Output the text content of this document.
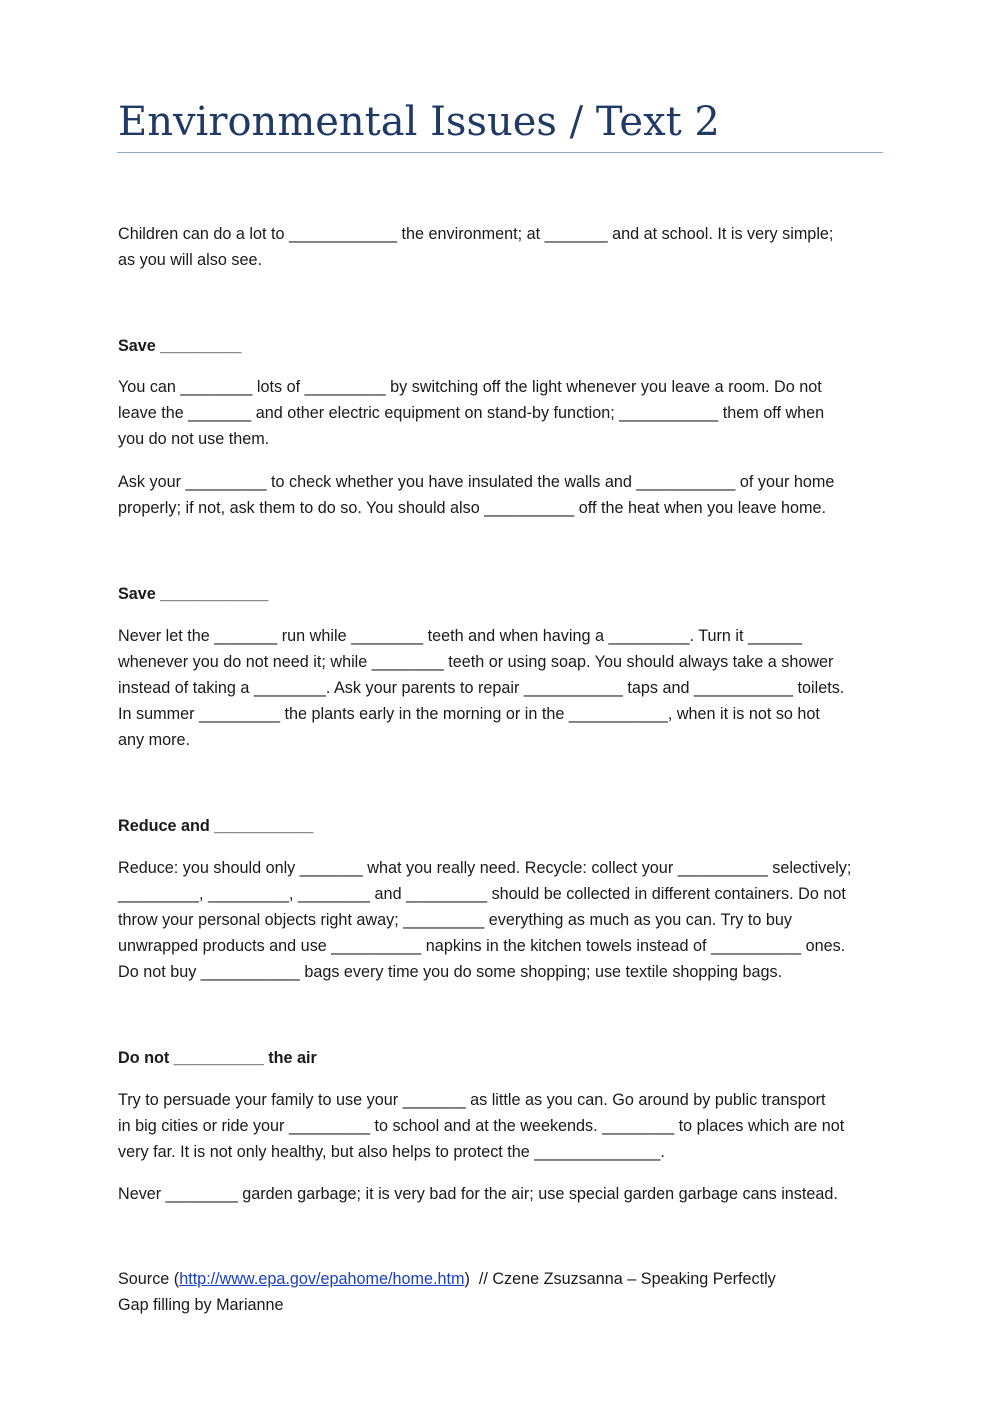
Environmental Issues / Text 2

Children can do a lot to ____________ the environment; at _______ and at school. It is very simple;
as you will also see.

Save _________

You can ________ lots of _________ by switching off the light whenever you leave a room. Do not
leave the _______ and other electric equipment on stand-by function; ___________ them off when
you do not use them.

Ask your _________ to check whether you have insulated the walls and ___________ of your home
properly; if not, ask them to do so. You should also __________ off the heat when you leave home.

Save ____________

Never let the _______ run while ________ teeth and when having a _________. Turn it ______
whenever you do not need it; while ________ teeth or using soap. You should always take a shower
instead of taking a ________. Ask your parents to repair ___________ taps and ___________ toilets.
In summer _________ the plants early in the morning or in the ___________, when it is not so hot
any more.

Reduce and ___________

Reduce: you should only _______ what you really need. Recycle: collect your __________ selectively;
_________, _________, ________ and _________ should be collected in different containers. Do not
throw your personal objects right away; _________ everything as much as you can. Try to buy
unwrapped products and use __________ napkins in the kitchen towels instead of __________ ones.
Do not buy ___________ bags every time you do some shopping; use textile shopping bags.

Do not __________ the air

Try to persuade your family to use your _______ as little as you can. Go around by public transport
in big cities or ride your _________ to school and at the weekends. ________ to places which are not
very far. It is not only healthy, but also helps to protect the ______________.

Never ________ garden garbage; it is very bad for the air; use special garden garbage cans instead.

Source (http://www.epa.gov/epahome/home.htm)  // Czene Zsuzsanna – Speaking Perfectly

Gap filling by Marianne
